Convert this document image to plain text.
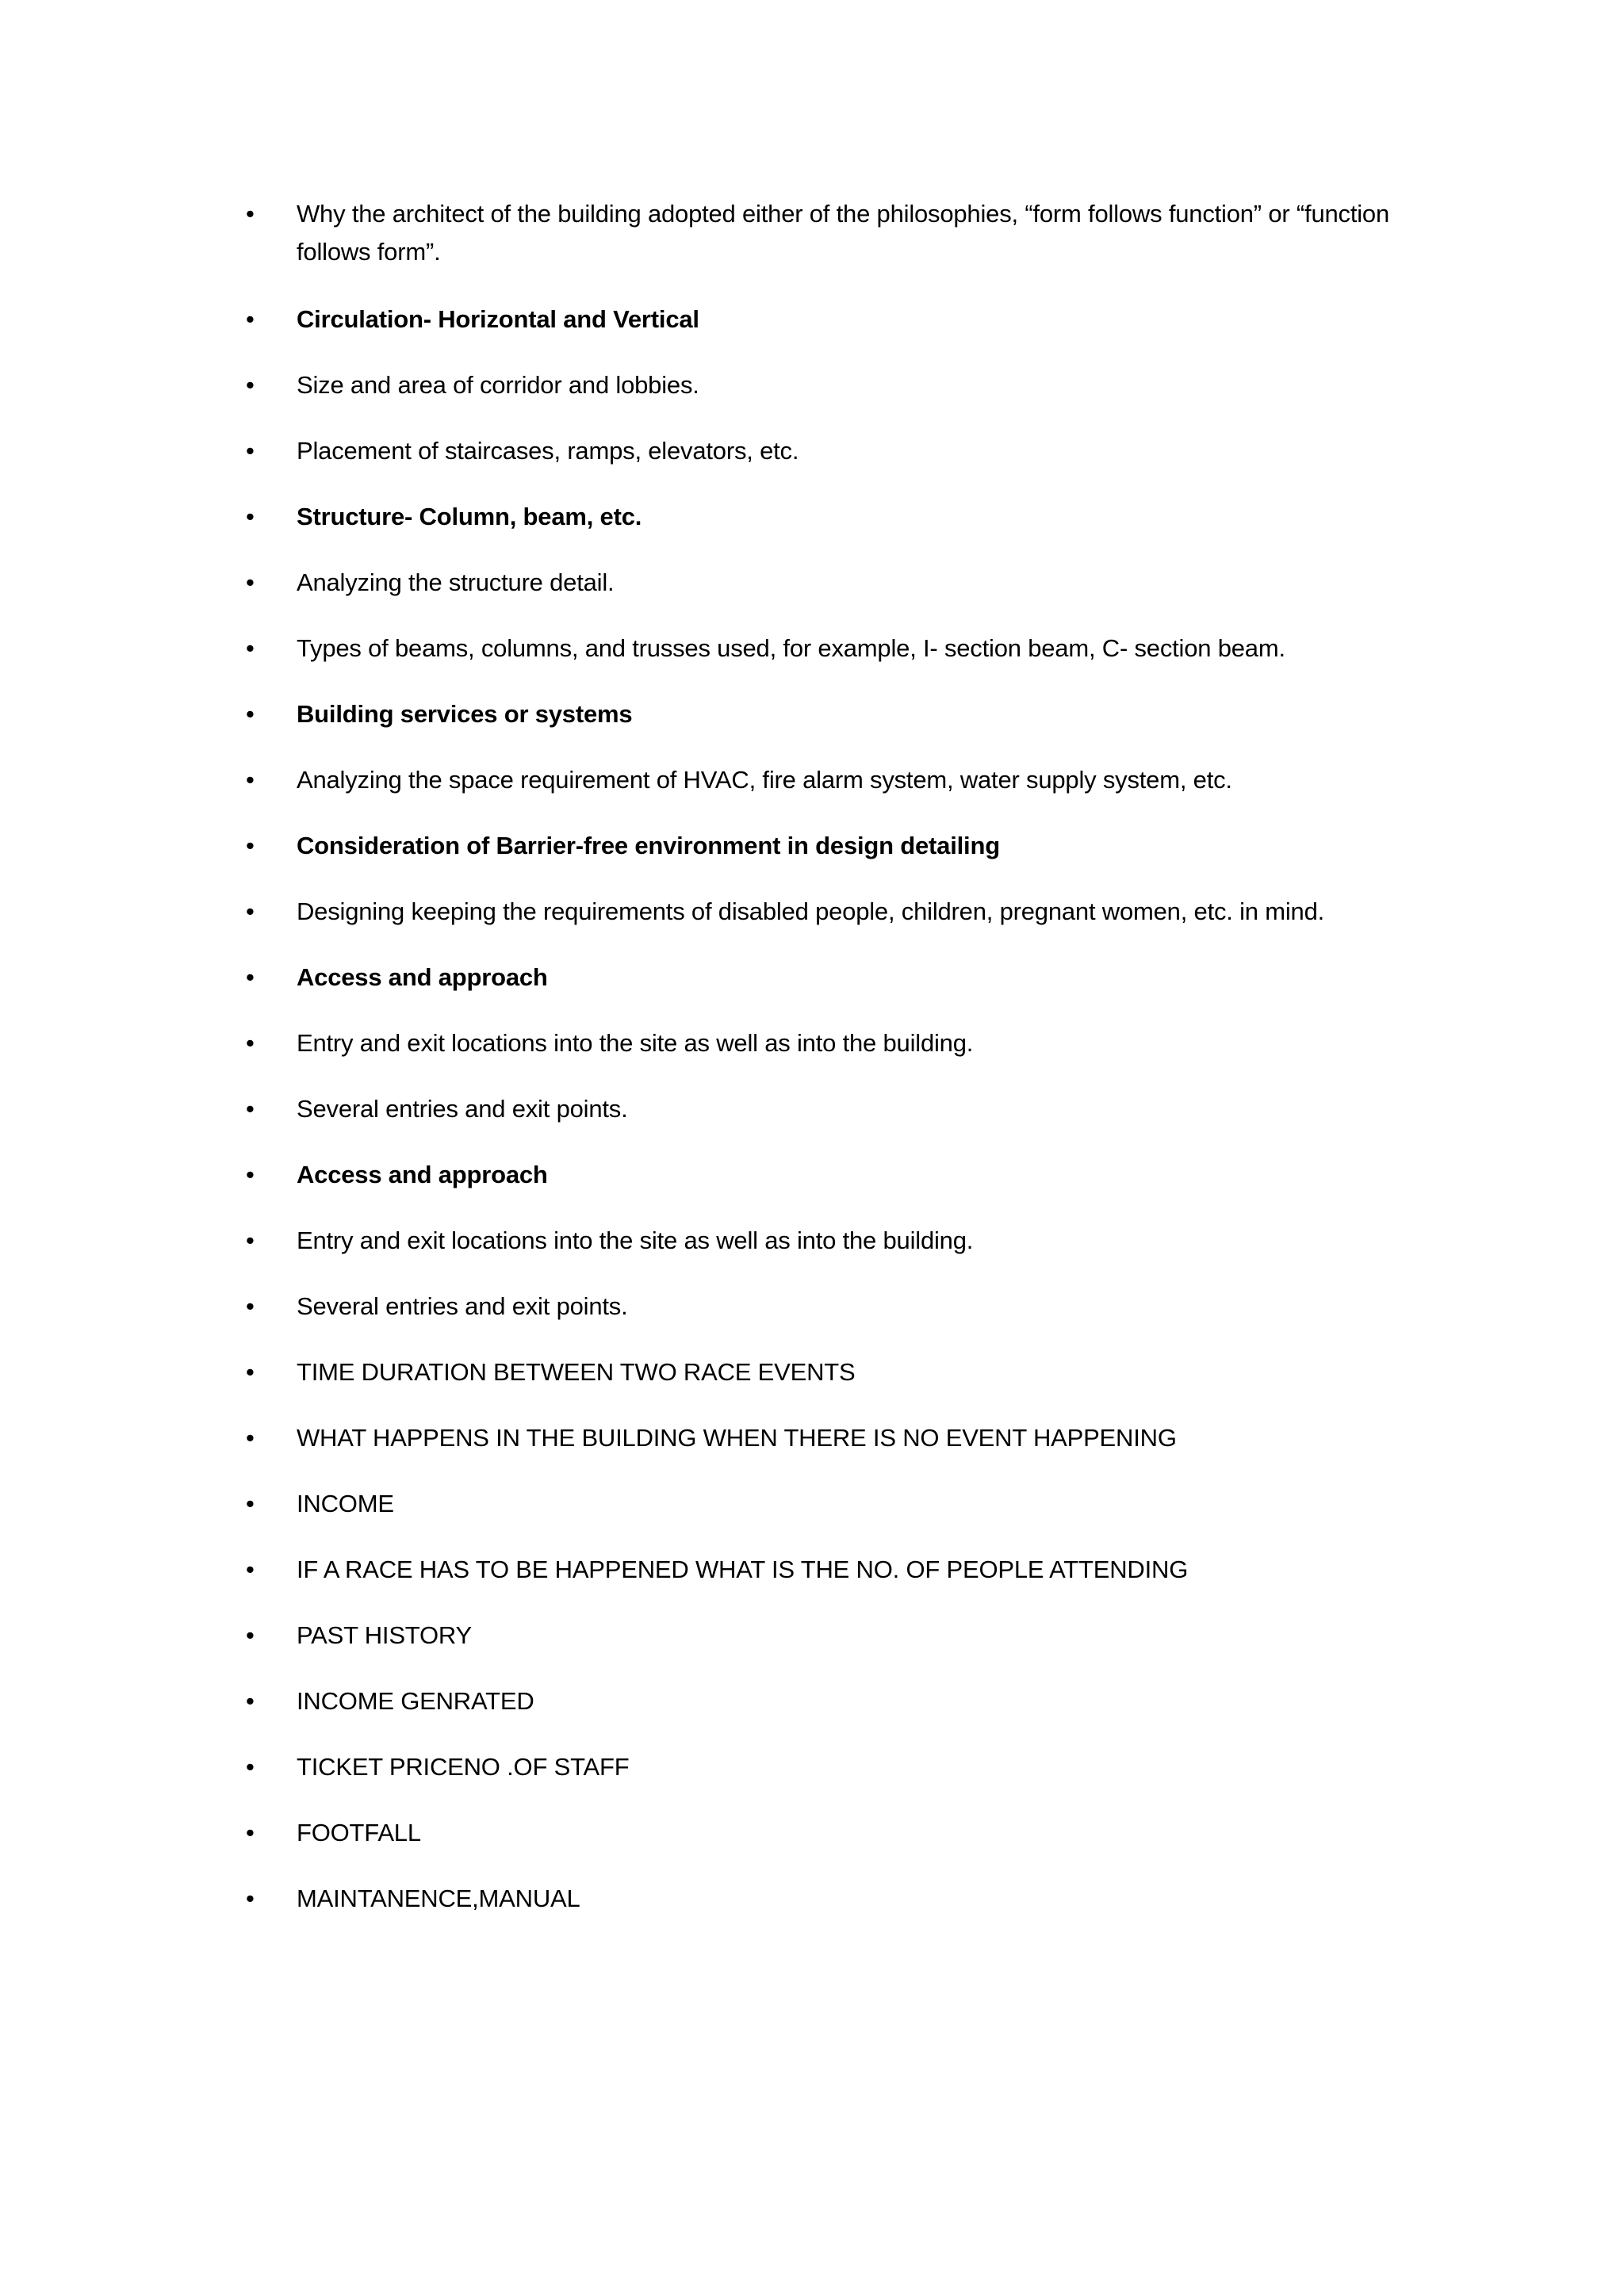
•	Why the architect of the building adopted either of the philosophies, “form follows function” or “function follows form”.
•	Circulation- Horizontal and Vertical
•	Size and area of corridor and lobbies.
•	Placement of staircases, ramps, elevators, etc.
•	Structure- Column, beam, etc.
•	Analyzing the structure detail.
•	Types of beams, columns, and trusses used, for example, I- section beam, C- section beam.
•	Building services or systems
•	Analyzing the space requirement of HVAC, fire alarm system, water supply system, etc.
•	Consideration of Barrier-free environment in design detailing
•	Designing keeping the requirements of disabled people, children, pregnant women, etc. in mind.
•	Access and approach
•	Entry and exit locations into the site as well as into the building.
•	Several entries and exit points.
•	Access and approach
•	Entry and exit locations into the site as well as into the building.
•	Several entries and exit points.
•	TIME DURATION BETWEEN TWO RACE EVENTS
•	WHAT HAPPENS IN THE BUILDING WHEN THERE IS NO EVENT HAPPENING
•	INCOME
•	IF A RACE HAS TO BE HAPPENED WHAT IS THE NO. OF PEOPLE ATTENDING
•	PAST HISTORY
•	INCOME GENRATED
•	TICKET PRICENO .OF STAFF
•	FOOTFALL
•	MAINTANENCE,MANUAL
